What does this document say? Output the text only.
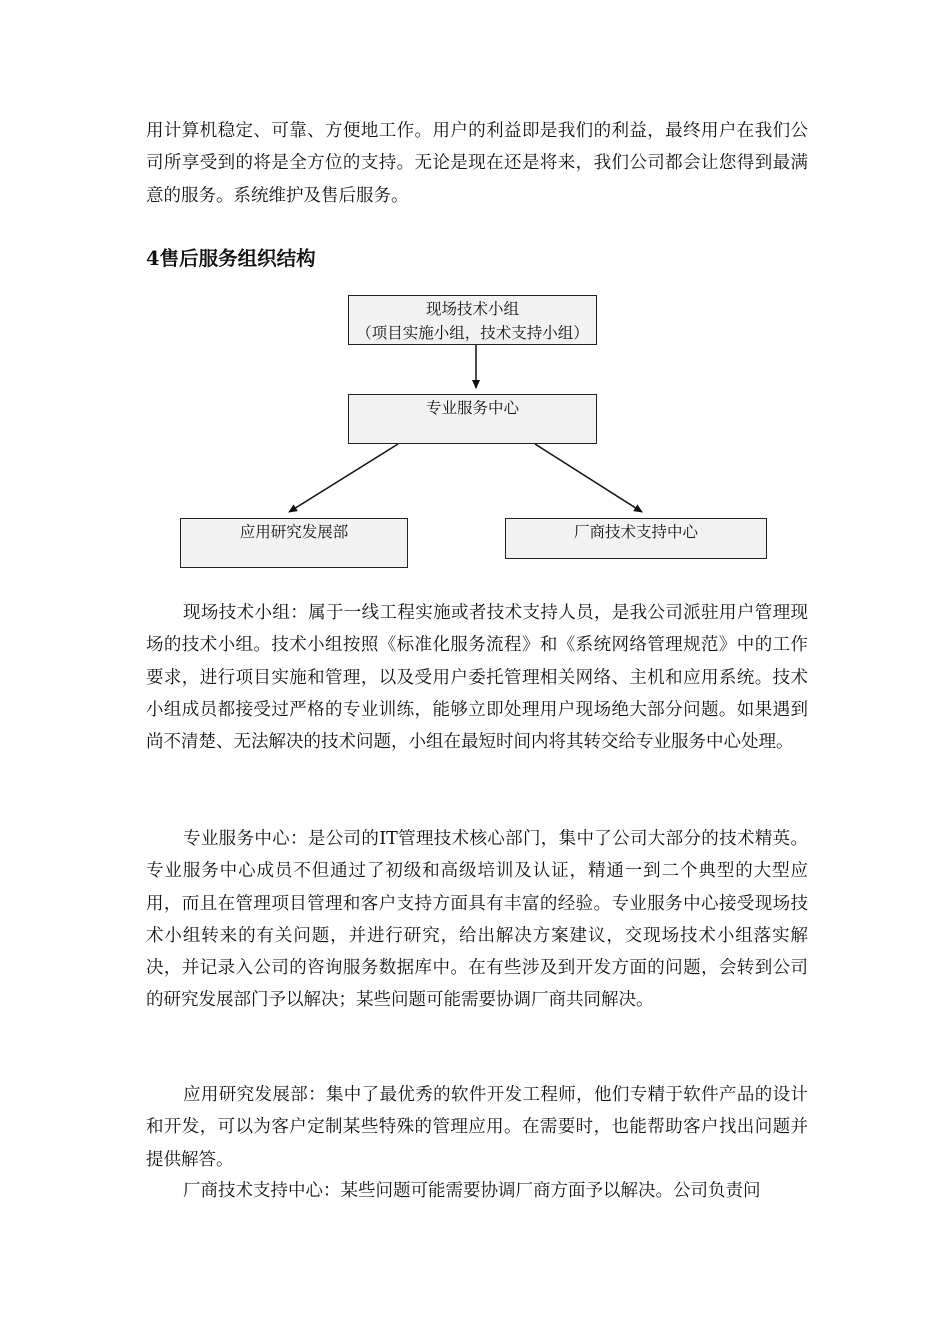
用计算机稳定、可靠、方便地工作。用户的利益即是我们的利益，最终用户在我们公司所享受到的将是全方位的支持。无论是现在还是将来，我们公司都会让您得到最满意的服务。系统维护及售后服务。

4售后服务组织结构
现场技术小组
（项目实施小组，技术支持小组）
专业服务中心
应用研究发展部	厂商技术支持中心

现场技术小组：属于一线工程实施或者技术支持人员，是我公司派驻用户管理现场的技术小组。技术小组按照《标准化服务流程》和《系统网络管理规范》中的工作要求，进行项目实施和管理，以及受用户委托管理相关网络、主机和应用系统。技术小组成员都接受过严格的专业训练，能够立即处理用户现场绝大部分问题。如果遇到尚不清楚、无法解决的技术问题，小组在最短时间内将其转交给专业服务中心处理。

专业服务中心：是公司的IT管理技术核心部门，集中了公司大部分的技术精英。专业服务中心成员不但通过了初级和高级培训及认证，精通一到二个典型的大型应用，而且在管理项目管理和客户支持方面具有丰富的经验。专业服务中心接受现场技术小组转来的有关问题，并进行研究，给出解决方案建议，交现场技术小组落实解决，并记录入公司的咨询服务数据库中。在有些涉及到开发方面的问题，会转到公司的研究发展部门予以解决；某些问题可能需要协调厂商共同解决。

应用研究发展部：集中了最优秀的软件开发工程师，他们专精于软件产品的设计和开发，可以为客户定制某些特殊的管理应用。在需要时，也能帮助客户找出问题并提供解答。

厂商技术支持中心：某些问题可能需要协调厂商方面予以解决。公司负责问
